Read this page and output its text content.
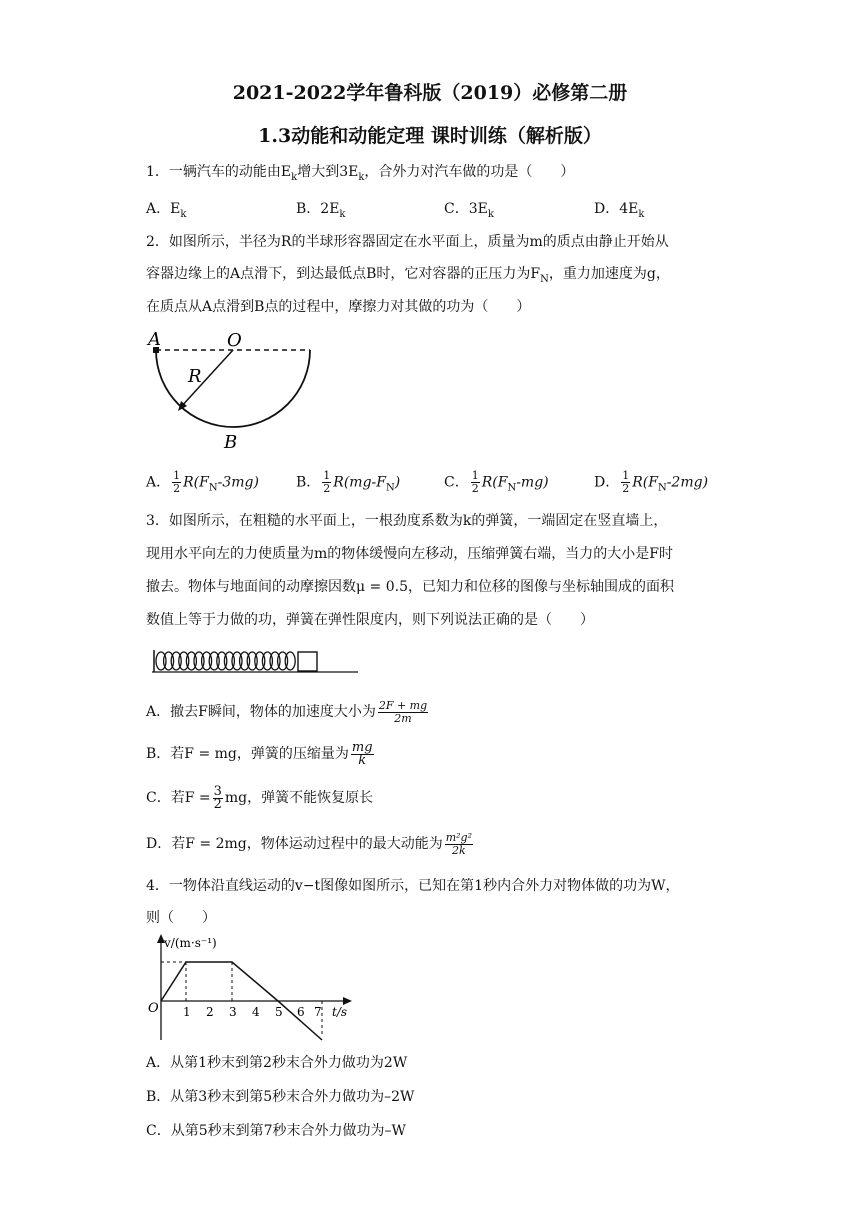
2021-2022学年鲁科版（2019）必修第二册
1.3动能和动能定理 课时训练（解析版）
1．一辆汽车的动能由$E_k$增大到$3E_k$，合外力对汽车做的功是（　　）
A．$E_k$	B．$2E_k$	C．$3E_k$	D．$4E_k$
2．如图所示，半径为R的半球形容器固定在水平面上，质量为m的质点由静止开始从
容器边缘上的A点滑下，到达最低点B时，它对容器的正压力为$F_N$，重力加速度为g，
在质点从A点滑到B点的过程中，摩擦力对其做的功为（　　）
A	O
R
B
A． $\frac{1}{2} R(F_N-3mg)$	B． $\frac{1}{2} R(mg-F_N)$	C． $\frac{1}{2} R(F_N-mg)$	D． $\frac{1}{2} R(F_N-2mg)$
3．如图所示，在粗糙的水平面上，一根劲度系数为k的弹簧，一端固定在竖直墙上，
现用水平向左的力使质量为m的物体缓慢向左移动，压缩弹簧右端，当力的大小是F时
撤去。物体与地面间的动摩擦因数μ = 0.5，已知力和位移的图像与坐标轴围成的面积
数值上等于力做的功，弹簧在弹性限度内，则下列说法正确的是（　　）
A．撤去F瞬间，物体的加速度大小为 $\frac{2F + mg}{2m}$
B．若F = mg，弹簧的压缩量为 $\frac{mg}{k}$
C．若$F = \frac{3}{2}$ mg，弹簧不能恢复原长
D．若F = 2mg，物体运动过程中的最大动能为 $\frac{\text{m²g²}}{2k}$
4．一物体沿直线运动的v−t图像如图所示，已知在第1秒内合外力对物体做的功为W，
则（　　）
v/(m·s⁻¹)
t/s
O 1 2 3 4 5 6 7
A．从第1秒末到第2秒末合外力做功为2W
B．从第3秒末到第5秒末合外力做功为–2W
C．从第5秒末到第7秒末合外力做功为–W
